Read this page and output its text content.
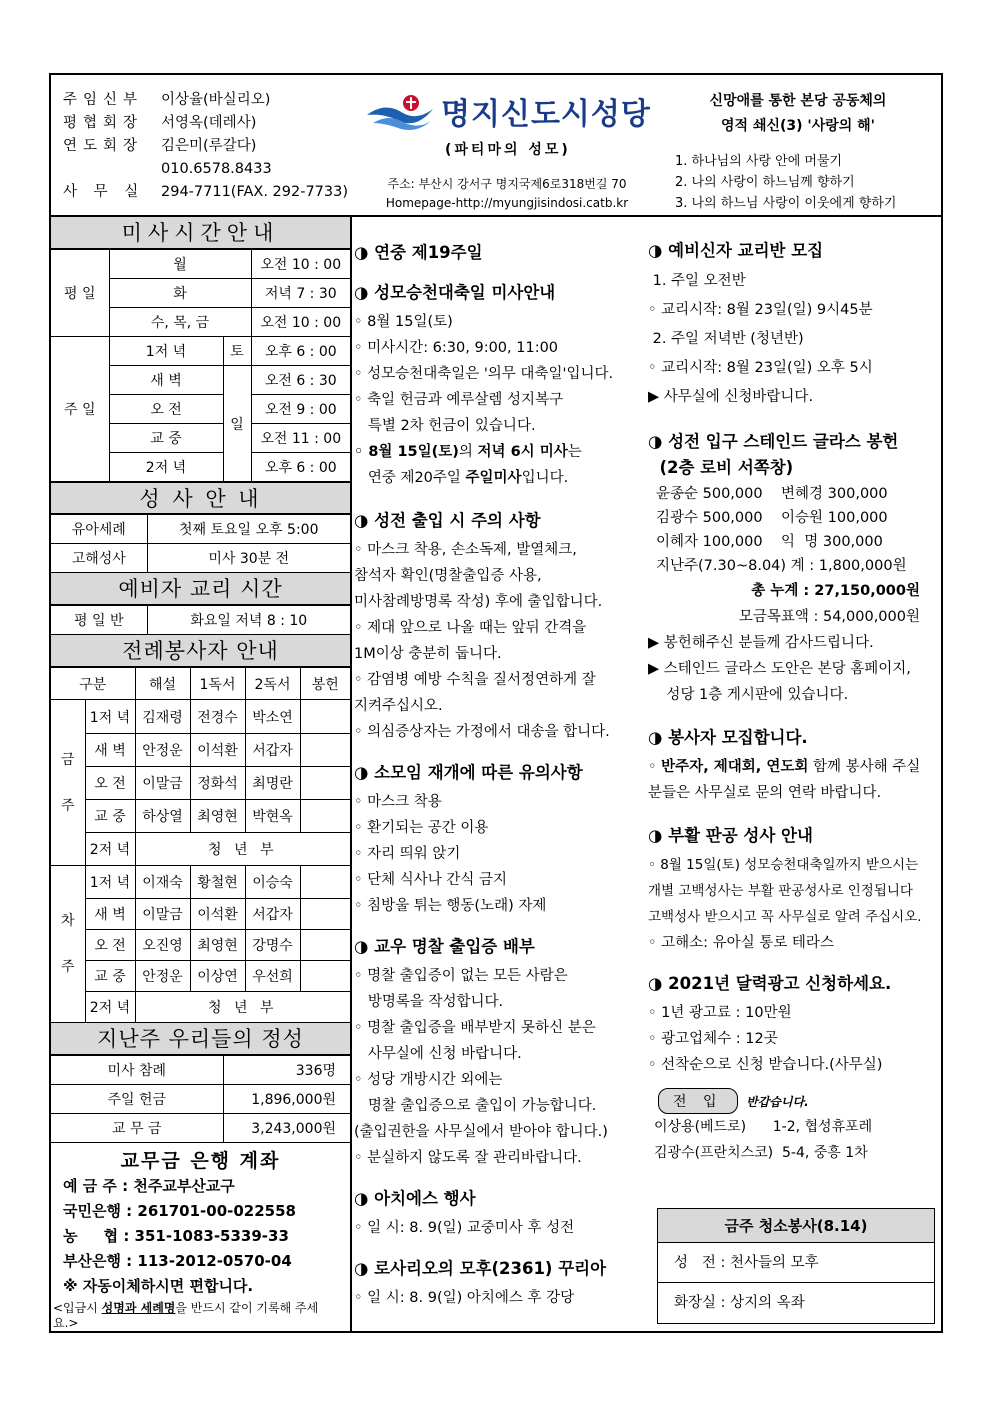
주임신부	이상율(바실리오)
평협회장	서영옥(데레사)
연도회장	김은미(루갈다)
010.6578.8433
사 무 실	294-7711(FAX. 292-7733)
명지신도시성당
(파티마의 성모)
주소: 부산시 강서구 명지국제6로318번길 70
Homepage-http://myungjisindosi.catb.kr
신망애를 통한 본당 공동체의
영적 쇄신(3) '사랑의 해'
1. 하나님의 사랑 안에 머물기
2. 나의 사랑이 하느님께 향하기
3. 나의 하느님 사랑이 이웃에게 향하기
미사시간안내
평 일	월		오전 10 : 00
	화		저녁 7 : 30
	수, 목, 금		오전 10 : 00
주 일	1저 녁	토	오후 6 : 00
	새 벽	일	오전 6 : 30
	오 전		오전 9 : 00
	교 중		오전 11 : 00
	2저 녁		오후 6 : 00
성 사 안 내
유아세례	첫째 토요일 오후 5:00
고해성사	미사 30분 전
예비자 교리 시간
평 일 반	화요일 저녁 8 : 10
전례봉사자 안내
구분		해설	1독서	2독서	봉헌
금
주	1저 녁	김재령	전경수	박소연	
	새 벽	안정운	이석환	서갑자	
	오 전	이말금	정화석	최명란	
	교 중	하상열	최영현	박현옥	
	2저 녁	청 년 부			
차
주	1저 녁	이재숙	황철현	이승숙	
	새 벽	이말금	이석환	서갑자	
	오 전	오진영	최영현	강명수	
	교 중	안정운	이상연	우선희	
	2저 녁	청 년 부			
지난주 우리들의 정성
미사 참례	336명
주일 헌금	1,896,000원
교 무 금	3,243,000원
교무금 은행 계좌
예 금 주 : 천주교부산교구
국민은행 : 261701-00-022558
농     협 : 351-1083-5339-33
부산은행 : 113-2012-0570-04
※ 자동이체하시면 편합니다.
<입금시 성명과 세례명을 반드시 같이 기록해 주세요.>
◑ 연중 제19주일
◑ 성모승천대축일 미사안내
◦ 8월 15일(토)
◦ 미사시간: 6:30, 9:00, 11:00
◦ 성모승천대축일은 '의무 대축일'입니다.
◦ 축일 헌금과 예루살렘 성지복구
특별 2차 헌금이 있습니다.
◦ 8월 15일(토)의 저녁 6시 미사는
연중 제20주일 주일미사입니다.
◑ 성전 출입 시 주의 사항
◦ 마스크 착용, 손소독제, 발열체크,
참석자 확인(명찰출입증 사용,
미사참례방명록 작성) 후에 출입합니다.
◦ 제대 앞으로 나올 때는 앞뒤 간격을
1M이상 충분히 둡니다.
◦ 감염병 예방 수칙을 질서정연하게 잘
지켜주십시오.
◦ 의심증상자는 가정에서 대송을 합니다.
◑ 소모임 재개에 따른 유의사항
◦ 마스크 착용
◦ 환기되는 공간 이용
◦ 자리 띄워 앉기
◦ 단체 식사나 간식 금지
◦ 침방울 튀는 행동(노래) 자제
◑ 교우 명찰 출입증 배부
◦ 명찰 출입증이 없는 모든 사람은
방명록을 작성합니다.
◦ 명찰 출입증을 배부받지 못하신 분은
사무실에 신청 바랍니다.
◦ 성당 개방시간 외에는
명찰 출입증으로 출입이 가능합니다.
(출입권한을 사무실에서 받아야 합니다.)
◦ 분실하지 않도록 잘 관리바랍니다.
◑ 아치에스 행사
◦ 일 시: 8. 9(일) 교중미사 후 성전
◑ 로사리오의 모후(2361) 꾸리아
◦ 일 시: 8. 9(일) 아치에스 후 강당
◑ 예비신자 교리반 모집
1. 주일 오전반
◦ 교리시작: 8월 23일(일) 9시45분
2. 주일 저녁반 (청년반)
◦ 교리시작: 8월 23일(일) 오후 5시
▶ 사무실에 신청바랍니다.
◑ 성전 입구 스테인드 글라스 봉헌
(2층 로비 서쪽창)
윤종순 500,000    변혜경 300,000
김광수 500,000    이승원 100,000
이혜자 100,000    익  명 300,000
지난주(7.30~8.04) 계 : 1,800,000원
총 누계 : 27,150,000원
모금목표액 : 54,000,000원
▶ 봉헌해주신 분들께 감사드립니다.
▶ 스테인드 글라스 도안은 본당 홈페이지,
성당 1층 게시판에 있습니다.
◑ 봉사자 모집합니다.
◦ 반주자, 제대회, 연도회 함께 봉사해 주실
분들은 사무실로 문의 연락 바랍니다.
◑ 부활 판공 성사 안내
◦ 8월 15일(토) 성모승천대축일까지 받으시는
개별 고백성사는 부활 판공성사로 인정됩니다
고백성사 받으시고 꼭 사무실로 알려 주십시오.
◦ 고해소: 유아실 통로 테라스
◑ 2021년 달력광고 신청하세요.
◦ 1년 광고료 : 10만원
◦ 광고업체수 : 12곳
◦ 선착순으로 신청 받습니다.(사무실)
전 입 반갑습니다.
이상용(베드로)      1-2, 협성휴포레
김광수(프란치스코)  5-4, 중흥 1차
금주 청소봉사(8.14)
성   전 : 천사들의 모후
화장실 : 상지의 옥좌
